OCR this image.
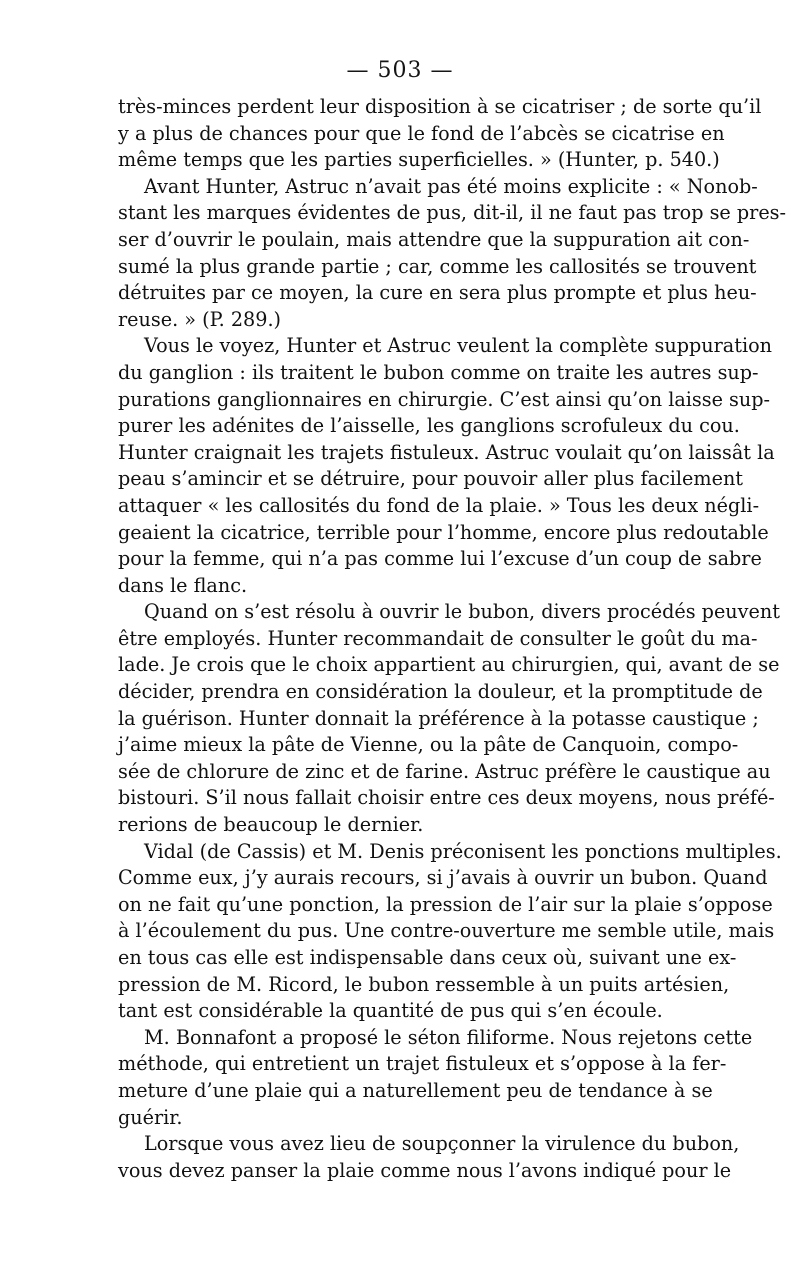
— 503 —
très-minces perdent leur disposition à se cicatriser ; de sorte qu’il
y a plus de chances pour que le fond de l’abcès se cicatrise en
même temps que les parties superficielles. » (Hunter, p. 540.)
Avant Hunter, Astruc n’avait pas été moins explicite : « Nonob-
stant les marques évidentes de pus, dit-il, il ne faut pas trop se pres-
ser d’ouvrir le poulain, mais attendre que la suppuration ait con-
sumé la plus grande partie ; car, comme les callosités se trouvent
détruites par ce moyen, la cure en sera plus prompte et plus heu-
reuse. » (P. 289.)
Vous le voyez, Hunter et Astruc veulent la complète suppuration
du ganglion : ils traitent le bubon comme on traite les autres sup-
purations ganglionnaires en chirurgie. C’est ainsi qu’on laisse sup-
purer les adénites de l’aisselle, les ganglions scrofuleux du cou.
Hunter craignait les trajets fistuleux. Astruc voulait qu’on laissât la
peau s’amincir et se détruire, pour pouvoir aller plus facilement
attaquer « les callosités du fond de la plaie. » Tous les deux négli-
geaient la cicatrice, terrible pour l’homme, encore plus redoutable
pour la femme, qui n’a pas comme lui l’excuse d’un coup de sabre
dans le flanc.
Quand on s’est résolu à ouvrir le bubon, divers procédés peuvent
être employés. Hunter recommandait de consulter le goût du ma-
lade. Je crois que le choix appartient au chirurgien, qui, avant de se
décider, prendra en considération la douleur, et la promptitude de
la guérison. Hunter donnait la préférence à la potasse caustique ;
j’aime mieux la pâte de Vienne, ou la pâte de Canquoin, compo-
sée de chlorure de zinc et de farine. Astruc préfère le caustique au
bistouri. S’il nous fallait choisir entre ces deux moyens, nous préfé-
rerions de beaucoup le dernier.
Vidal (de Cassis) et M. Denis préconisent les ponctions multiples.
Comme eux, j’y aurais recours, si j’avais à ouvrir un bubon. Quand
on ne fait qu’une ponction, la pression de l’air sur la plaie s’oppose
à l’écoulement du pus. Une contre-ouverture me semble utile, mais
en tous cas elle est indispensable dans ceux où, suivant une ex-
pression de M. Ricord, le bubon ressemble à un puits artésien,
tant est considérable la quantité de pus qui s’en écoule.
M. Bonnafont a proposé le séton filiforme. Nous rejetons cette
méthode, qui entretient un trajet fistuleux et s’oppose à la fer-
meture d’une plaie qui a naturellement peu de tendance à se
guérir.
Lorsque vous avez lieu de soupçonner la virulence du bubon,
vous devez panser la plaie comme nous l’avons indiqué pour le
